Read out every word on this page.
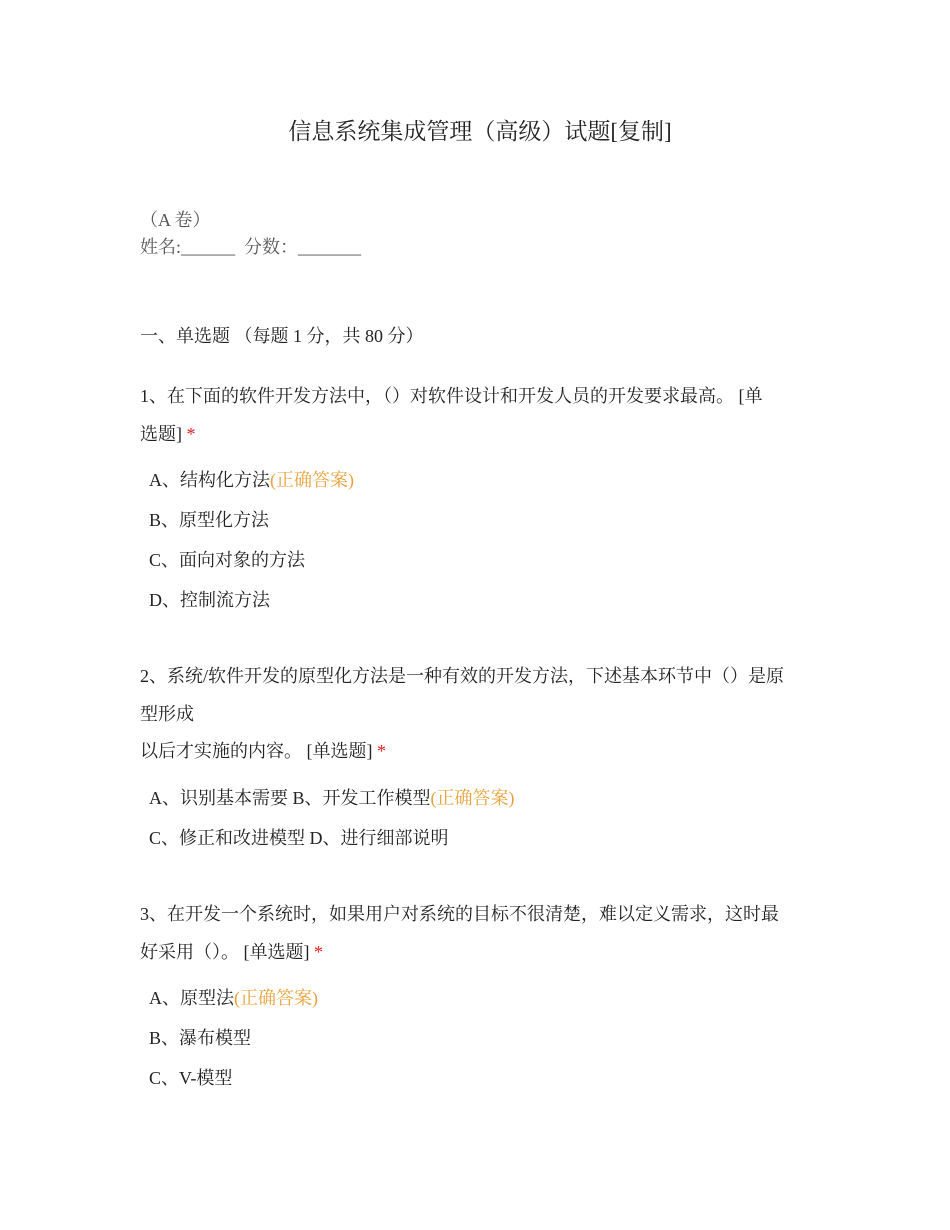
信息系统集成管理（高级）试题[复制]
（A 卷）
姓名:______ 分数：_______
一、单选题 （每题 1 分，共 80 分）
1、在下面的软件开发方法中，（）对软件设计和开发人员的开发要求最高。 [单
选题] *
A、结构化方法(正确答案)
B、原型化方法
C、面向对象的方法
D、控制流方法
2、系统/软件开发的原型化方法是一种有效的开发方法，下述基本环节中（）是原
型形成
以后才实施的内容。 [单选题] *
A、识别基本需要 B、开发工作模型(正确答案)
C、修正和改进模型 D、进行细部说明
3、在开发一个系统时，如果用户对系统的目标不很清楚，难以定义需求，这时最
好采用（）。 [单选题] *
A、原型法(正确答案)
B、瀑布模型
C、V-模型
